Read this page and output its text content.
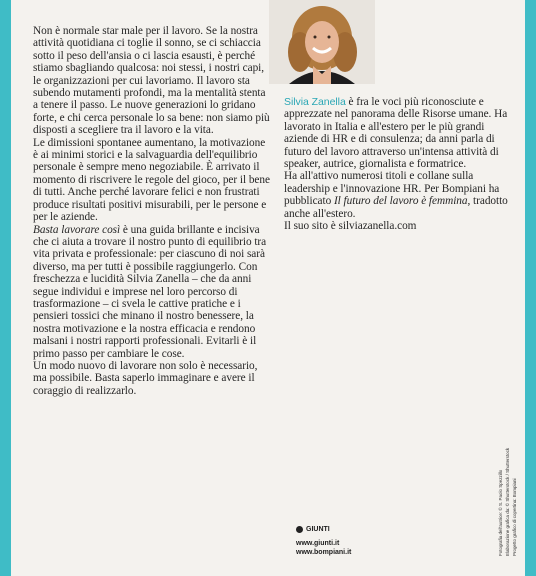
Non è normale star male per il lavoro. Se la nostra attività quotidiana ci toglie il sonno, se ci schiaccia sotto il peso dell'ansia o ci lascia esausti, è perché stiamo sbagliando qualcosa: noi stessi, i nostri capi, le organizzazioni per cui lavoriamo. Il lavoro sta subendo mutamenti profondi, ma la mentalità stenta a tenere il passo. Le nuove generazioni lo gridano forte, e chi cerca personale lo sa bene: non siamo più disposti a scegliere tra il lavoro e la vita.

Le dimissioni spontanee aumentano, la motivazione è ai minimi storici e la salvaguardia dell'equilibrio personale è sempre meno negoziabile. È arrivato il momento di riscrivere le regole del gioco, per il bene di tutti. Anche perché lavorare felici e non frustrati produce risultati positivi misurabili, per le persone e per le aziende.

Basta lavorare così è una guida brillante e incisiva che ci aiuta a trovare il nostro punto di equilibrio tra vita privata e professionale: per ciascuno di noi sarà diverso, ma per tutti è possibile raggiungerlo. Con freschezza e lucidità Silvia Zanella – che da anni segue individui e imprese nel loro percorso di trasformazione – ci svela le cattive pratiche e i pensieri tossici che minano il nostro benessere, la nostra motivazione e la nostra efficacia e rendono malsani i nostri rapporti professionali. Evitarli è il primo passo per cambiare le cose.

Un modo nuovo di lavorare non solo è necessario, ma possibile. Basta saperlo immaginare e avere il coraggio di realizzarlo.

Silvia Zanella è fra le voci più riconosciute e apprezzate nel panorama delle Risorse umane. Ha lavorato in Italia e all'estero per le più grandi aziende di HR e di consulenza; da anni parla di futuro del lavoro attraverso un'intensa attività di speaker, autrice, giornalista e formatrice.

Ha all'attivo numerosi titoli e collane sulla leadership e l'innovazione HR. Per Bompiani ha pubblicato Il futuro del lavoro è femmina, tradotto anche all'estero.

Il suo sito è silviazanella.com

GIUNTI
www.giunti.it
www.bompiani.it	Fotografia dell'autrice: © S. Paolo Spezzillo Elaborazione grafica da: © Shutterstock / Shutterstock Progetto grafico di copertina: Bompiani
